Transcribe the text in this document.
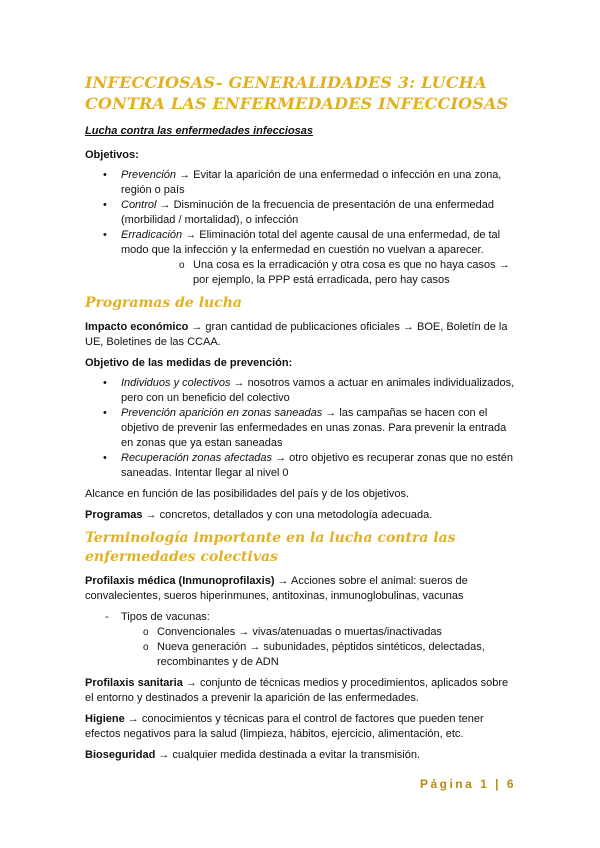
INFECCIOSAS- GENERALIDADES 3: LUCHA CONTRA LAS ENFERMEDADES INFECCIOSAS
Lucha contra las enfermedades infecciosas
Objetivos:
• Prevención → Evitar la aparición de una enfermedad o infección en una zona, región o país
• Control → Disminución de la frecuencia de presentación de una enfermedad (morbilidad / mortalidad), o infección
• Erradicación → Eliminación total del agente causal de una enfermedad, de tal modo que la infección y la enfermedad en cuestión no vuelvan a aparecer.
o Una cosa es la erradicación y otra cosa es que no haya casos → por ejemplo, la PPP está erradicada, pero hay casos
Programas de lucha

Impacto económico → gran cantidad de publicaciones oficiales → BOE, Boletín de la UE, Boletines de las CCAA.

Objetivo de las medidas de prevención:
• Individuos y colectivos → nosotros vamos a actuar en animales individualizados, pero con un beneficio del colectivo
• Prevención aparición en zonas saneadas → las campañas se hacen con el objetivo de prevenir las enfermedades en unas zonas. Para prevenir la entrada en zonas que ya estan saneadas
• Recuperación zonas afectadas → otro objetivo es recuperar zonas que no estén saneadas. Intentar llegar al nivel 0

Alcance en función de las posibilidades del país y de los objetivos.

Programas → concretos, detallados y con una metodología adecuada.

Terminología importante en la lucha contra las enfermedades colectivas

Profilaxis médica (Inmunoprofilaxis) → Acciones sobre el animal: sueros de convalecientes, sueros hiperinmunes, antitoxinas, inmunoglobulinas, vacunas

- Tipos de vacunas:
o Convencionales → vivas/atenuadas o muertas/inactivadas
o Nueva generación → subunidades, péptidos sintéticos, delectadas, recombinantes y de ADN

Profilaxis sanitaria → conjunto de técnicas medios y procedimientos, aplicados sobre el entorno y destinados a prevenir la aparición de las enfermedades.

Higiene → conocimientos y técnicas para el control de factores que pueden tener efectos negativos para la salud (limpieza, hábitos, ejercicio, alimentación, etc.

Bioseguridad → cualquier medida destinada a evitar la transmisión.

Página 1 | 6
